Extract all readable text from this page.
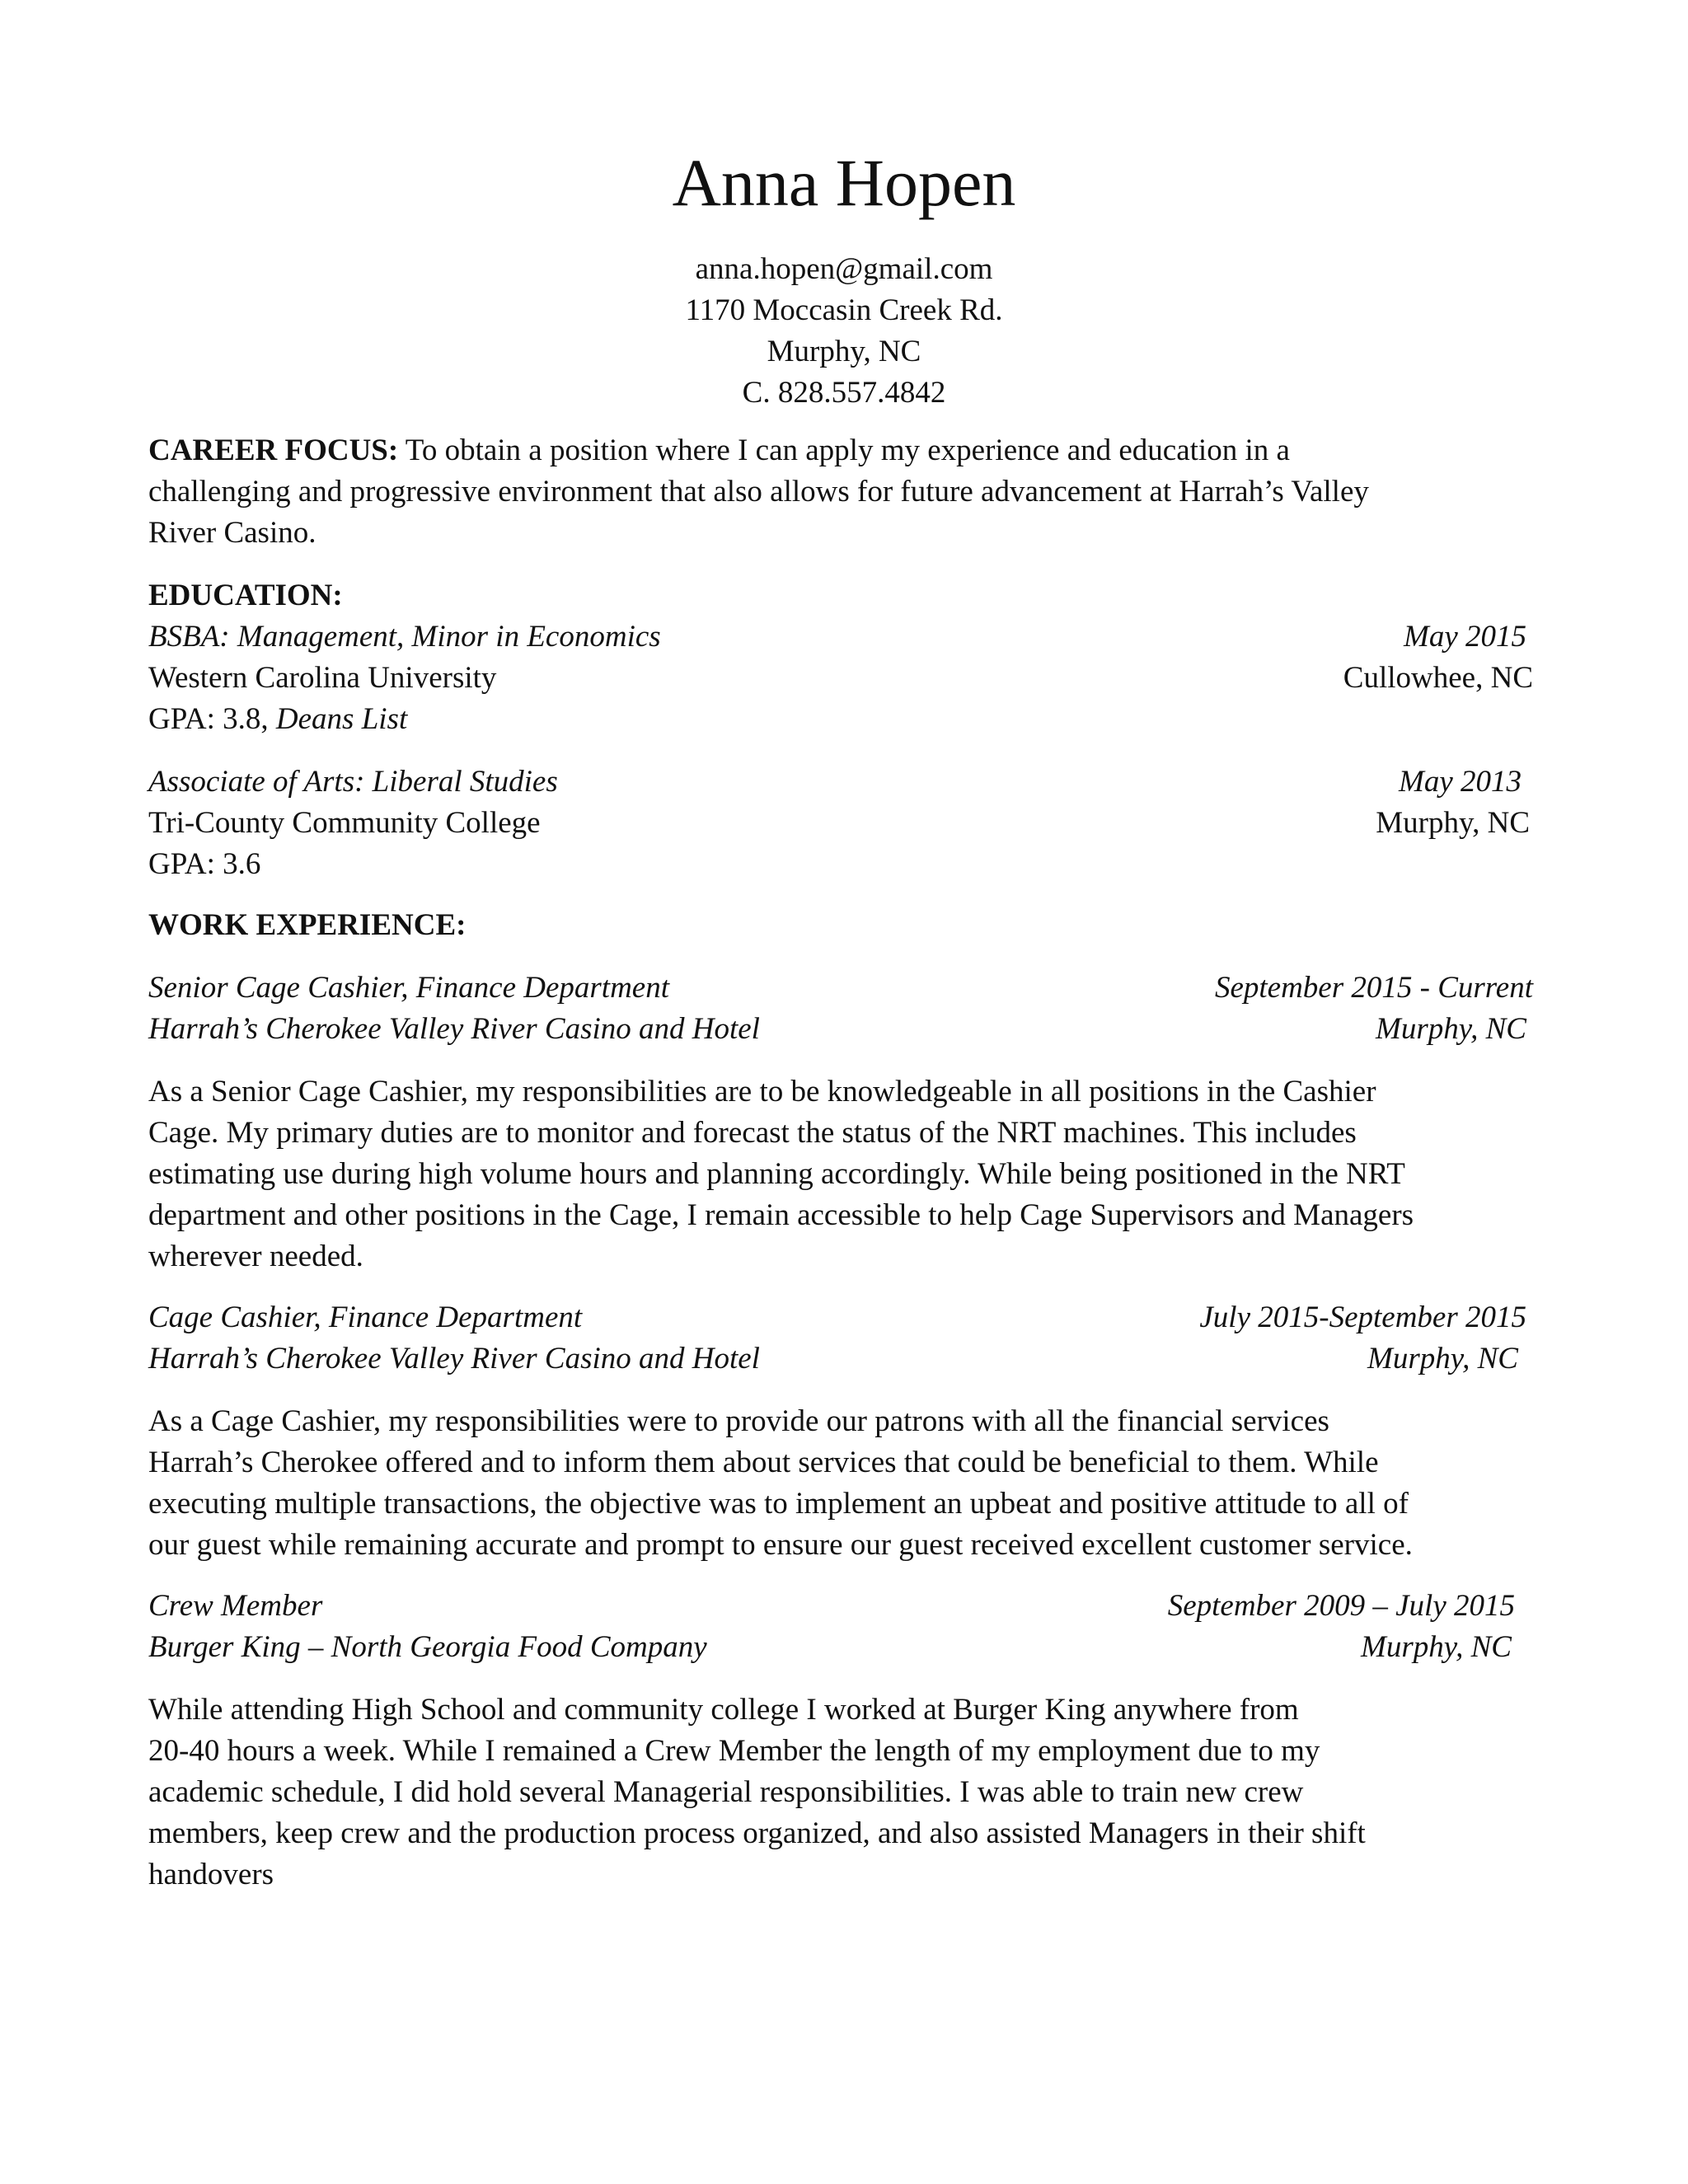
Anna Hopen
anna.hopen@gmail.com
1170 Moccasin Creek Rd.
Murphy, NC
C. 828.557.4842
CAREER FOCUS: To obtain a position where I can apply my experience and education in a
challenging and progressive environment that also allows for future advancement at Harrah’s Valley
River Casino.
EDUCATION:
BSBA: Management, Minor in Economics	May 2015
Western Carolina University	Cullowhee, NC
GPA: 3.8, Deans List
Associate of Arts: Liberal Studies	May 2013
Tri-County Community College	Murphy, NC
GPA: 3.6
WORK EXPERIENCE:
Senior Cage Cashier, Finance Department	September 2015 - Current
Harrah’s Cherokee Valley River Casino and Hotel	Murphy, NC
As a Senior Cage Cashier, my responsibilities are to be knowledgeable in all positions in the Cashier
Cage. My primary duties are to monitor and forecast the status of the NRT machines. This includes
estimating use during high volume hours and planning accordingly. While being positioned in the NRT
department and other positions in the Cage, I remain accessible to help Cage Supervisors and Managers
wherever needed.
Cage Cashier, Finance Department	July 2015-September 2015
Harrah’s Cherokee Valley River Casino and Hotel	Murphy, NC
As a Cage Cashier, my responsibilities were to provide our patrons with all the financial services
Harrah’s Cherokee offered and to inform them about services that could be beneficial to them. While
executing multiple transactions, the objective was to implement an upbeat and positive attitude to all of
our guest while remaining accurate and prompt to ensure our guest received excellent customer service.
Crew Member	September 2009 – July 2015
Burger King – North Georgia Food Company	Murphy, NC
While attending High School and community college I worked at Burger King anywhere from
20-40 hours a week. While I remained a Crew Member the length of my employment due to my
academic schedule, I did hold several Managerial responsibilities. I was able to train new crew
members, keep crew and the production process organized, and also assisted Managers in their shift
handovers
